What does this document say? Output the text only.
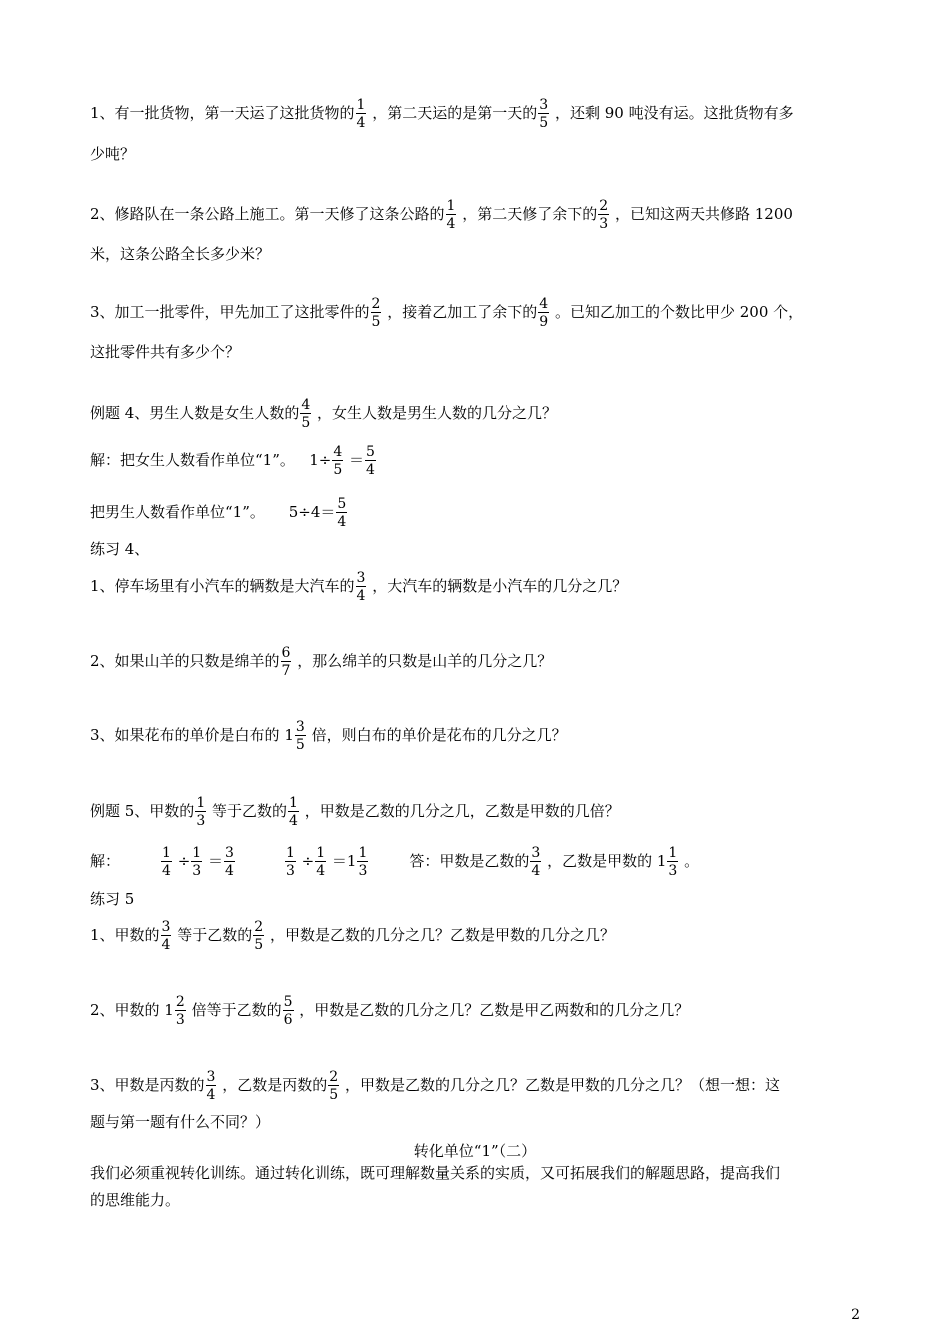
1、有一批货物，第一天运了这批货物的 $\frac{1}{4}$ ，第二天运的是第一天的 $\frac{3}{5}$ ，还剩 90 吨没有运。这批货物有多
少吨？
2、修路队在一条公路上施工。第一天修了这条公路的 $\frac{1}{4}$ ，第二天修了余下的 $\frac{2}{3}$ ，已知这两天共修路 1200
米，这条公路全长多少米？
3、加工一批零件，甲先加工了这批零件的 $\frac{2}{5}$ ，接着乙加工了余下的 $\frac{4}{9}$ 。已知乙加工的个数比甲少 200 个，
这批零件共有多少个？
例题 4、男生人数是女生人数的 $\frac{4}{5}$ ，女生人数是男生人数的几分之几？
解：把女生人数看作单位“1”。 $1\div \frac{4}{5} = \frac{5}{4}$
把男生人数看作单位“1”。 $5\div 4= \frac{5}{4}$
练习 4、
1、停车场里有小汽车的辆数是大汽车的 $\frac{3}{4}$ ，大汽车的辆数是小汽车的几分之几？
2、如果山羊的只数是绵羊的 $\frac{6}{7}$ ，那么绵羊的只数是山羊的几分之几？
3、如果花布的单价是白布的 $1 \frac{3}{5}$ 倍，则白布的单价是花布的几分之几？
例题 5、甲数的 $\frac{1}{3}$ 等于乙数的 $\frac{1}{4}$ ，甲数是乙数的几分之几，乙数是甲数的几倍？
解：	$\frac{1}{4} \div \frac{1}{3} = \frac{3}{4}$	$\frac{1}{3} \div \frac{1}{4} =1 \frac{1}{3}$	答：甲数是乙数的 $\frac{3}{4}$ ，乙数是甲数的 $1 \frac{1}{3}$ 。
练习 5
1、甲数的 $\frac{3}{4}$ 等于乙数的 $\frac{2}{5}$ ，甲数是乙数的几分之几？乙数是甲数的几分之几？
2、甲数的 $1 \frac{2}{3}$ 倍等于乙数的 $\frac{5}{6}$ ，甲数是乙数的几分之几？乙数是甲乙两数和的几分之几？
3、甲数是丙数的 $\frac{3}{4}$ ，乙数是丙数的 $\frac{2}{5}$ ，甲数是乙数的几分之几？乙数是甲数的几分之几？（想一想：这
题与第一题有什么不同？）
转化单位“1”（二）
我们必须重视转化训练。通过转化训练，既可理解数量关系的实质，又可拓展我们的解题思路，提高我们
的思维能力。
2
